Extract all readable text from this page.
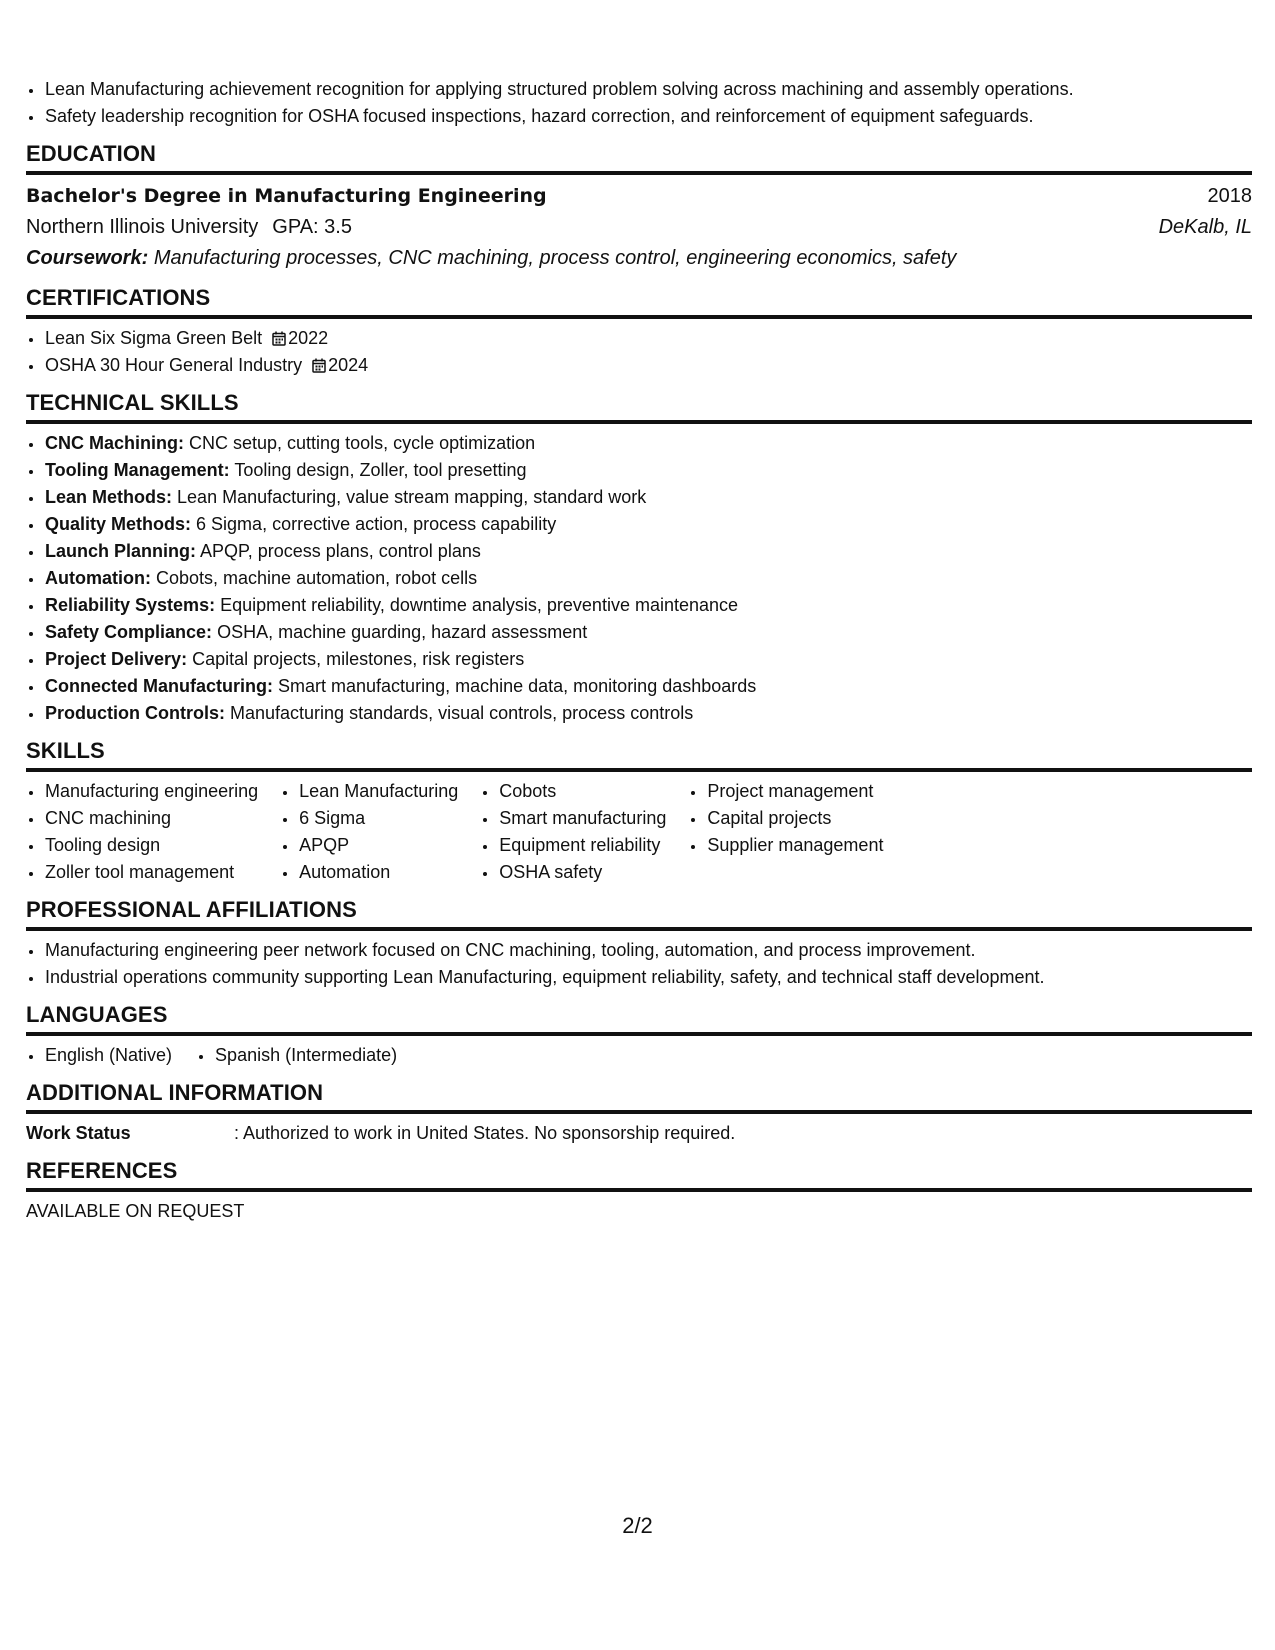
• Lean Manufacturing achievement recognition for applying structured problem solving across machining and assembly operations.
• Safety leadership recognition for OSHA focused inspections, hazard correction, and reinforcement of equipment safeguards.
EDUCATION
Bachelor's Degree in Manufacturing Engineering	2018
Northern Illinois University GPA: 3.5	DeKalb, IL
Coursework: Manufacturing processes, CNC machining, process control, engineering economics, safety
CERTIFICATIONS
• Lean Six Sigma Green Belt 2022
• OSHA 30 Hour General Industry 2024
TECHNICAL SKILLS
• CNC Machining: CNC setup, cutting tools, cycle optimization
• Tooling Management: Tooling design, Zoller, tool presetting
• Lean Methods: Lean Manufacturing, value stream mapping, standard work
• Quality Methods: 6 Sigma, corrective action, process capability
• Launch Planning: APQP, process plans, control plans
• Automation: Cobots, machine automation, robot cells
• Reliability Systems: Equipment reliability, downtime analysis, preventive maintenance
• Safety Compliance: OSHA, machine guarding, hazard assessment
• Project Delivery: Capital projects, milestones, risk registers
• Connected Manufacturing: Smart manufacturing, machine data, monitoring dashboards
• Production Controls: Manufacturing standards, visual controls, process controls
SKILLS
• Manufacturing engineering
• CNC machining
• Tooling design
• Zoller tool management
• Lean Manufacturing
• 6 Sigma
• APQP
• Automation
• Cobots
• Smart manufacturing
• Equipment reliability
• OSHA safety
• Project management
• Capital projects
• Supplier management
PROFESSIONAL AFFILIATIONS
• Manufacturing engineering peer network focused on CNC machining, tooling, automation, and process improvement.
• Industrial operations community supporting Lean Manufacturing, equipment reliability, safety, and technical staff development.
LANGUAGES
• English (Native)
• Spanish (Intermediate)
ADDITIONAL INFORMATION
Work Status	: Authorized to work in United States. No sponsorship required.
REFERENCES
AVAILABLE ON REQUEST
2/2
